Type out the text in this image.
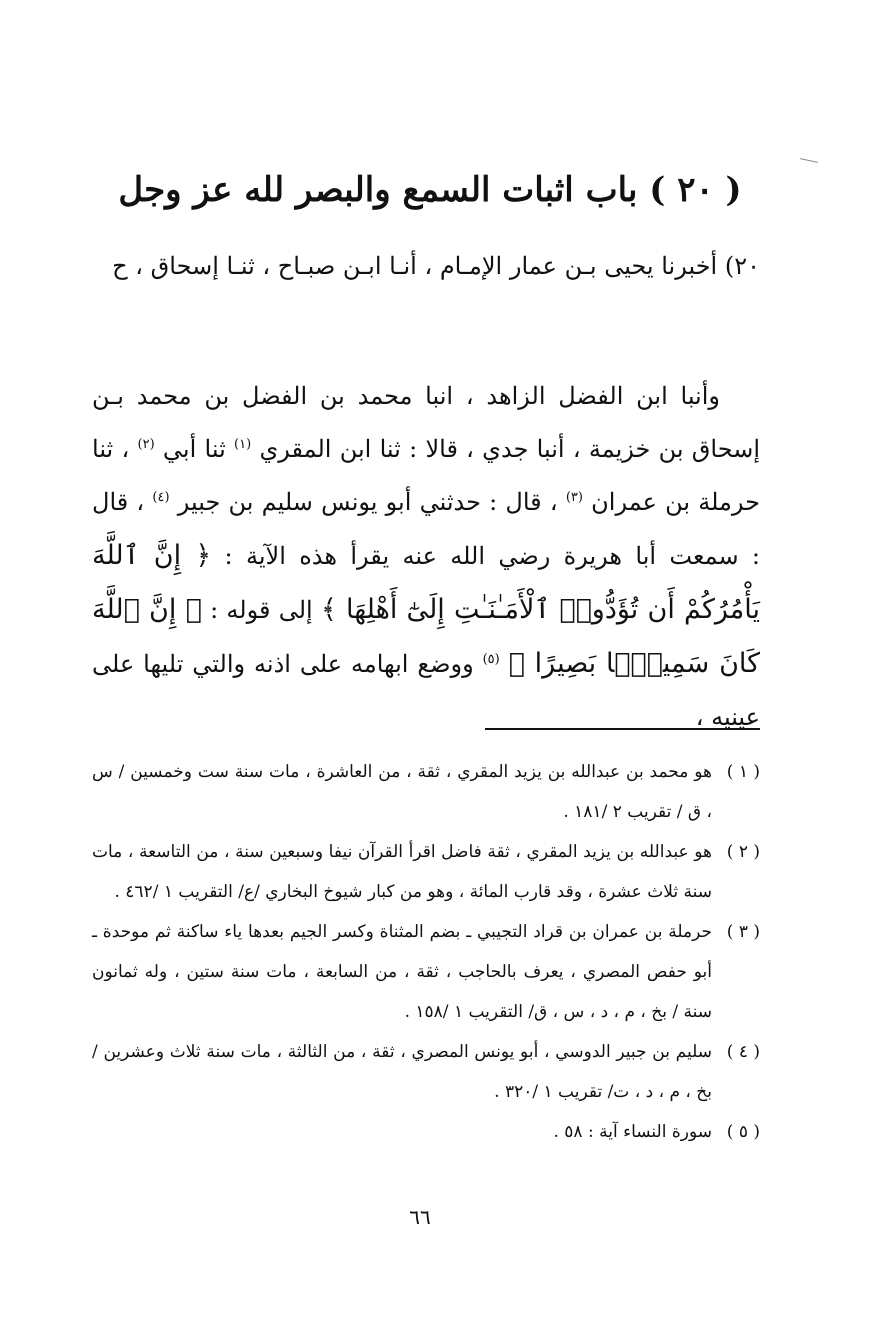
( ٢٠ ) باب اثبات السمع والبصر لله عز وجل
٢٠) أخبرنا يحيى بـن عمار الإمـام ، أنـا ابـن صبـاح ، ثنـا إسحاق ، ح
وأنبا ابن الفضل الزاهد ، انبا محمد بن الفضل بن محمد بـن إسحاق بن خزيمة ، أنبا جدي ، قالا : ثنا ابن المقري $^{(١)}$ ثنا أبي $^{(٢)}$ ، ثنا حرملة بن عمران $^{(٣)}$ ، قال : حدثني أبو يونس سليم بن جبير $^{(٤)}$ ، قال : سمعت أبا هريرة رضي الله عنه يقرأ هذه الآية : ﴿ إِنَّ ٱللَّهَ يَأْمُرُكُمْ أَن تُؤَدُّوا۟ ٱلْأَمَـٰنَـٰتِ إِلَىٰٓ أَهْلِهَا ﴾ إلى قوله : ﴿ إِنَّ ٱللَّهَ كَانَ سَمِيعًۢا بَصِيرًا ﴾ $^{(٥)}$ ووضع ابهامه على اذنه والتي تليها على عينيه ،
( ١ )
هو محمد بن عبدالله بن يزيد المقري ، ثقة ، من العاشرة ، مات سنة ست وخمسين / س ، ق / تقريب ٢ /١٨١ .
( ٢ )
هو عبدالله بن يزيد المقري ، ثقة فاضل اقرأ القرآن نيفا وسبعين سنة ، من التاسعة ، مات سنة ثلاث عشرة ، وقد قارب المائة ، وهو من كبار شيوخ البخاري /ع/ التقريب ١ /٤٦٢ .
( ٣ )
حرملة بن عمران بن قراد التجيبي ـ بضم المثناة وكسر الجيم بعدها ياء ساكنة ثم موحدة ـ أبو حفص المصري ، يعرف بالحاجب ، ثقة ، من السابعة ، مات سنة ستين ، وله ثمانون سنة / بخ ، م ، د ، س ، ق/ التقريب ١ /١٥٨ .
( ٤ )
سليم بن جبير الدوسي ، أبو يونس المصري ، ثقة ، من الثالثة ، مات سنة ثلاث وعشرين / بخ ، م ، د ، ت/ تقريب ١ /٣٢٠ .
( ٥ )
سورة النساء آية : ٥٨ .
٦٦
